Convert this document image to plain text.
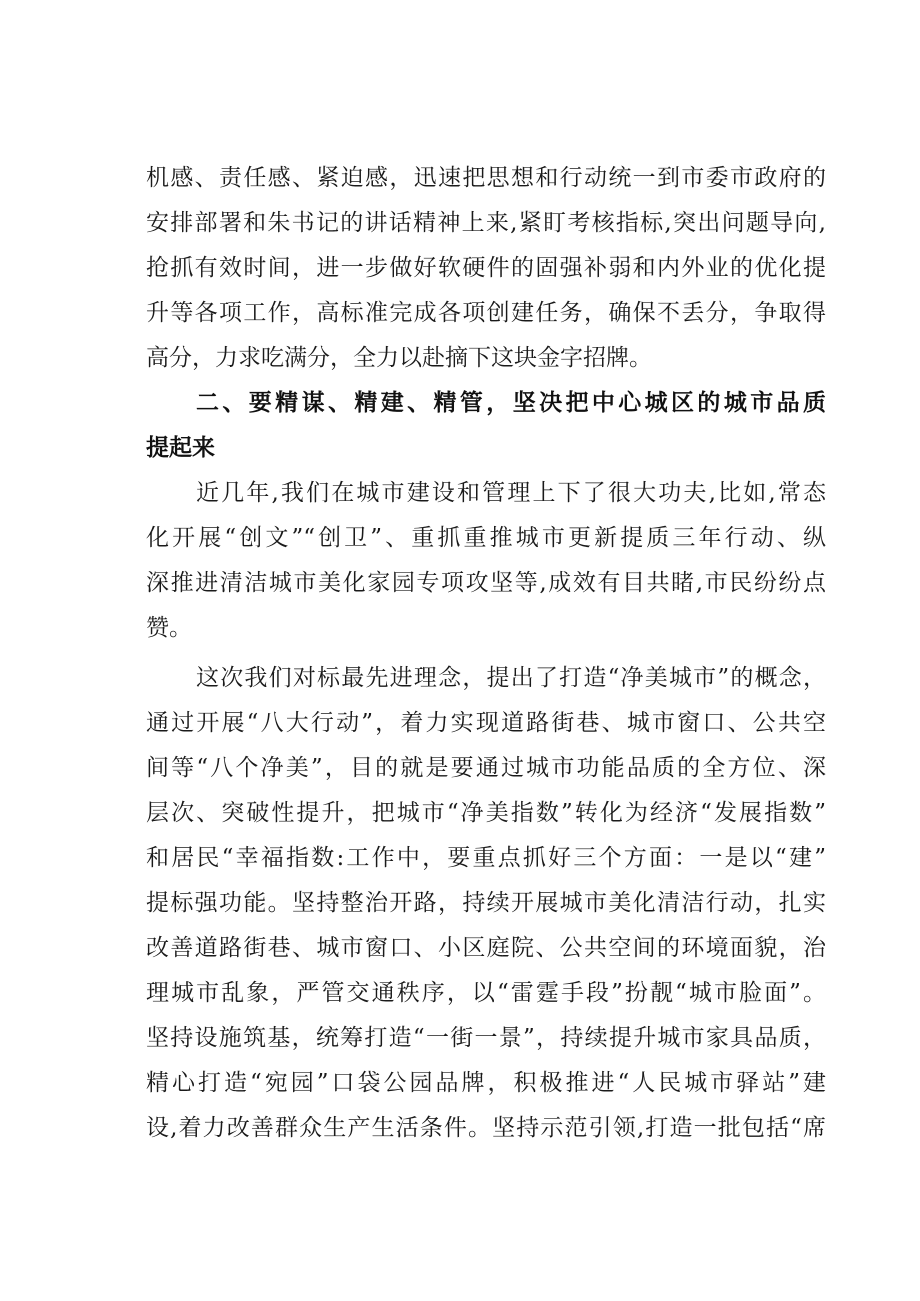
机感、责任感、紧迫感，迅速把思想和行动统一到市委市政府的
安排部署和朱书记的讲话精神上来,紧盯考核指标,突出问题导向,
抢抓有效时间，进一步做好软硬件的固强补弱和内外业的优化提
升等各项工作，高标准完成各项创建任务，确保不丢分，争取得
高分，力求吃满分，全力以赴摘下这块金字招牌。
二、要精谋、精建、精管，坚决把中心城区的城市品质
提起来
近几年,我们在城市建设和管理上下了很大功夫,比如,常态
化开展“创文”“创卫”、重抓重推城市更新提质三年行动、纵
深推进清洁城市美化家园专项攻坚等,成效有目共睹,市民纷纷点
赞。
这次我们对标最先进理念，提出了打造“净美城市”的概念，
通过开展“八大行动”，着力实现道路街巷、城市窗口、公共空
间等“八个净美”，目的就是要通过城市功能品质的全方位、深
层次、突破性提升，把城市“净美指数”转化为经济“发展指数”
和居民“幸福指数:工作中，要重点抓好三个方面：一是以“建”
提标强功能。坚持整治开路，持续开展城市美化清洁行动，扎实
改善道路街巷、城市窗口、小区庭院、公共空间的环境面貌，治
理城市乱象，严管交通秩序，以“雷霆手段”扮靓“城市脸面”。
坚持设施筑基，统筹打造“一街一景”，持续提升城市家具品质，
精心打造“宛园”口袋公园品牌，积极推进“人民城市驿站”建
设,着力改善群众生产生活条件。坚持示范引领,打造一批包括“席
